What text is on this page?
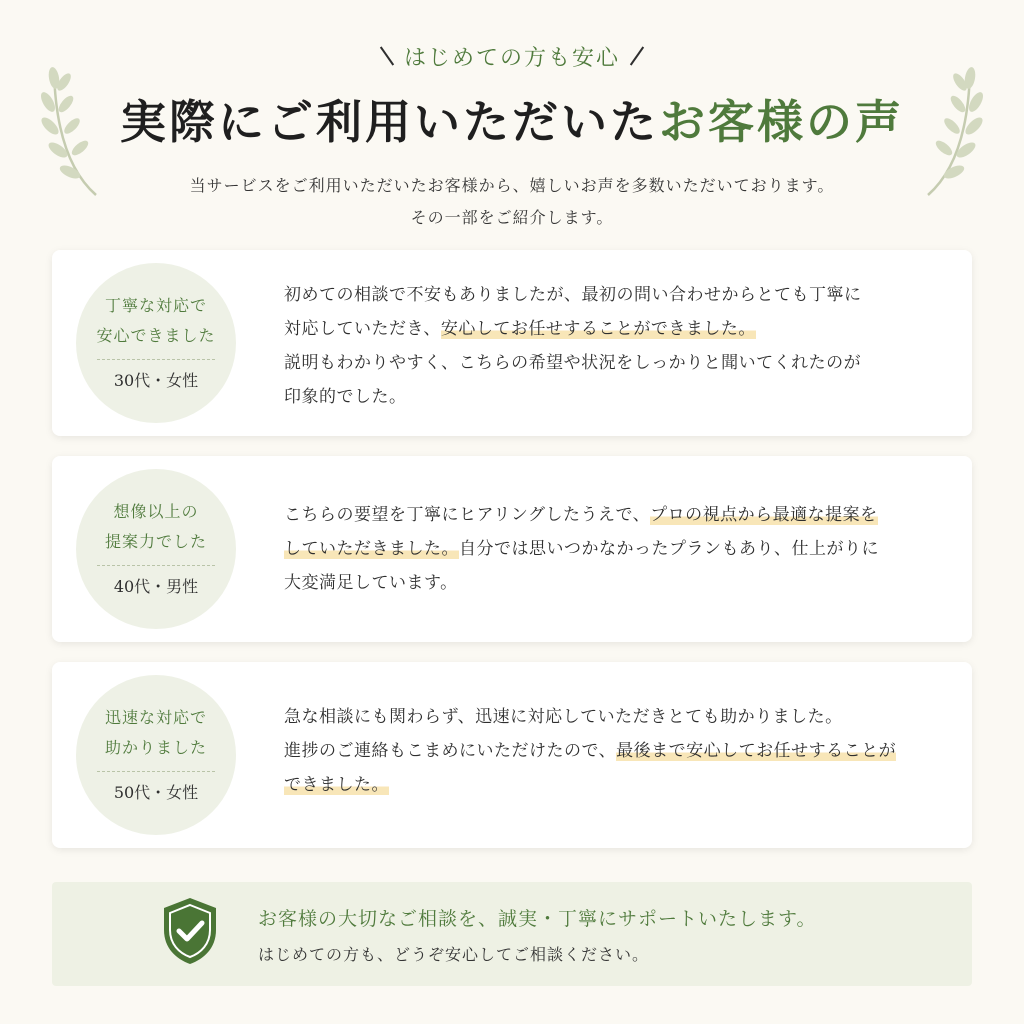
はじめての方も安心
実際にご利用いただいたお客様の声
当サービスをご利用いただいたお客様から、嬉しいお声を多数いただいております。
その一部をご紹介します。
丁寧な対応で
安心できました
30代・女性

初めての相談で不安もありましたが、最初の問い合わせからとても丁寧に

対応していただき、安心してお任せすることができました。

説明もわかりやすく、こちらの希望や状況をしっかりと聞いてくれたのが

印象的でした。

想像以上の
提案力でした
40代・男性

こちらの要望を丁寧にヒアリングしたうえで、プロの視点から最適な提案を

していただきました。自分では思いつかなかったプランもあり、仕上がりに

大変満足しています。

迅速な対応で
助かりました
50代・女性

急な相談にも関わらず、迅速に対応していただきとても助かりました。

進捗のご連絡もこまめにいただけたので、最後まで安心してお任せすることが

できました。

お客様の大切なご相談を、誠実・丁寧にサポートいたします。
はじめての方も、どうぞ安心してご相談ください。
